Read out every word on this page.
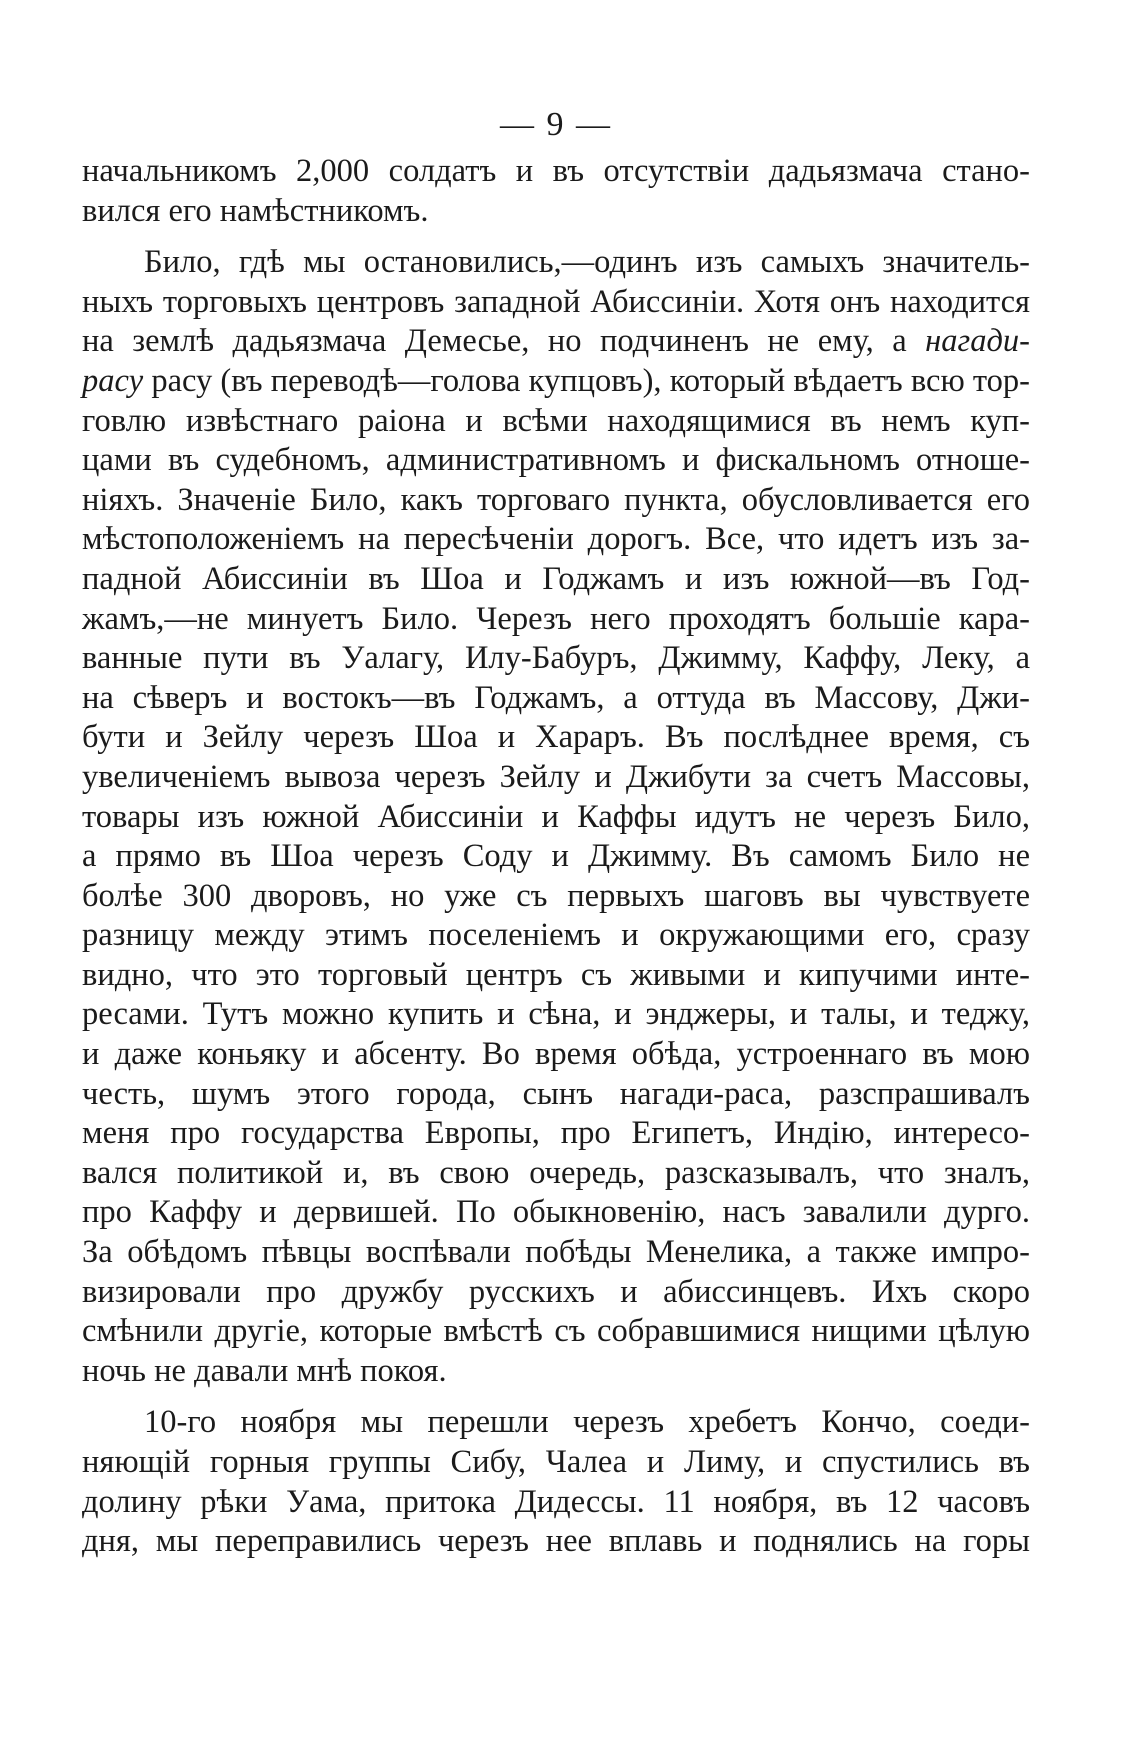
— 9 —
начальникомъ 2,000 солдатъ и въ отсутствіи дадьязмача стано-
вился его намѣстникомъ.
Било, гдѣ мы остановились,—одинъ изъ самыхъ значитель-
ныхъ торговыхъ центровъ западной Абиссиніи. Хотя онъ находится
на землѣ дадьязмача Демесье, но подчиненъ не ему, а нагади-
расу расу (въ переводѣ—голова купцовъ), который вѣдаетъ всю тор-
говлю извѣстнаго раіона и всѣми находящимися въ немъ куп-
цами въ судебномъ, административномъ и фискальномъ отноше-
ніяхъ. Значеніе Било, какъ торговаго пункта, обусловливается его
мѣстоположеніемъ на пересѣченіи дорогъ. Все, что идетъ изъ за-
падной Абиссиніи въ Шоа и Годжамъ и изъ южной—въ Год-
жамъ,—не минуетъ Било. Черезъ него проходятъ большіе кара-
ванные пути въ Уалагу, Илу-Бабуръ, Джимму, Каффу, Леку, а
на сѣверъ и востокъ—въ Годжамъ, а оттуда въ Массову, Джи-
бути и Зейлу черезъ Шоа и Хараръ. Въ послѣднее время, съ
увеличеніемъ вывоза черезъ Зейлу и Джибути за счетъ Массовы,
товары изъ южной Абиссиніи и Каффы идутъ не черезъ Било,
а прямо въ Шоа черезъ Соду и Джимму. Въ самомъ Било не
болѣе 300 дворовъ, но уже съ первыхъ шаговъ вы чувствуете
разницу между этимъ поселеніемъ и окружающими его, сразу
видно, что это торговый центръ съ живыми и кипучими инте-
ресами. Тутъ можно купить и сѣна, и энджеры, и талы, и теджу,
и даже коньяку и абсенту. Во время обѣда, устроеннаго въ мою
честь, шумъ этого города, сынъ нагади-раса, разспрашивалъ
меня про государства Европы, про Египетъ, Индію, интересо-
вался политикой и, въ свою очередь, разсказывалъ, что зналъ,
про Каффу и дервишей. По обыкновенію, насъ завалили дурго.
За обѣдомъ пѣвцы воспѣвали побѣды Менелика, а также импро-
визировали про дружбу русскихъ и абиссинцевъ. Ихъ скоро
смѣнили другіе, которые вмѣстѣ съ собравшимися нищими цѣлую
ночь не давали мнѣ покоя.
10-го ноября мы перешли черезъ хребетъ Кончо, соеди-
няющій горныя группы Сибу, Чалеа и Лиму, и спустились въ
долину рѣки Уама, притока Дидессы. 11 ноября, въ 12 часовъ
дня, мы переправились черезъ нее вплавь и поднялись на горы
